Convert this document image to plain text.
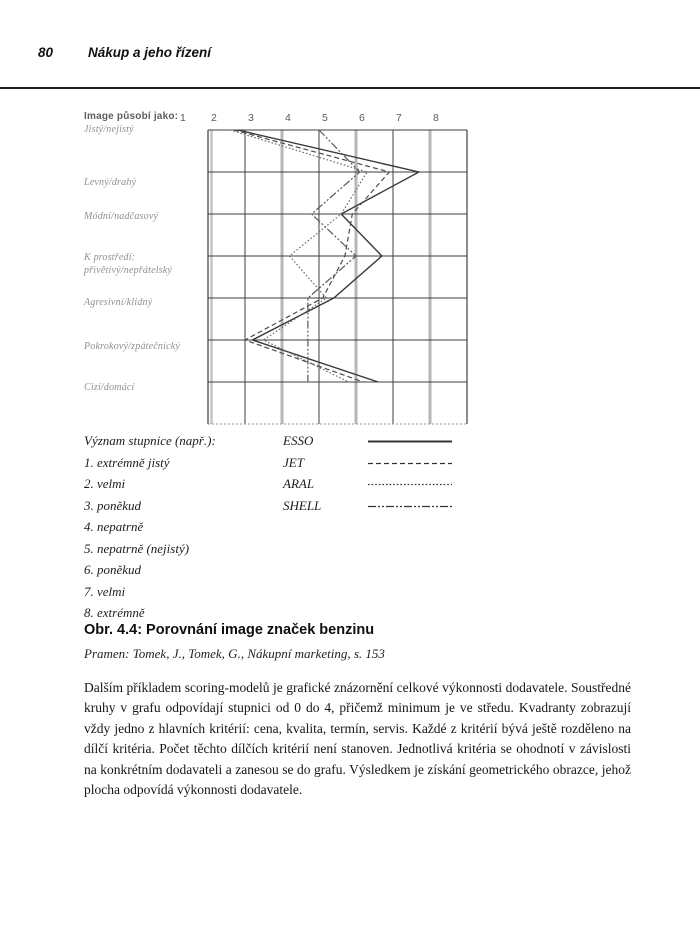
80	Nákup a jeho řízení
Image působí jako:
Jistý/nejistý
Levný/drahý
Módní/nadčasový
K prostředí:
přívětivý/nepřátelský
Agresivní/klidný
Pokrokový/zpátečnický
Cizí/domácí
1 2	3	4	5	6	7	8
Význam stupnice (např.):
1. extrémně jistý
2. velmi
3. poněkud
4. nepatrně
5. nepatrně (nejistý)
6. poněkud
7. velmi
8. extrémně
ESSO
JET
ARAL
SHELL
Obr. 4.4: Porovnání image značek benzinu
Pramen: Tomek, J., Tomek, G., Nákupní marketing, s. 153
Dalším příkladem scoring-modelů je grafické znázornění celkové výkonnosti dodavatele. Soustředné kruhy v grafu odpovídají stupnici od 0 do 4, přičemž minimum je ve středu. Kvadranty zobrazují vždy jedno z hlavních kritérií: cena, kvalita, termín, servis. Každé z kritérií bývá ještě rozděleno na dílčí kritéria. Počet těchto dílčích kritérií není stanoven. Jednotlivá kritéria se ohodnotí v závislosti na konkrétním dodavateli a zanesou se do grafu. Výsledkem je získání geometrického obrazce, jehož plocha odpovídá výkonnosti dodavatele.
